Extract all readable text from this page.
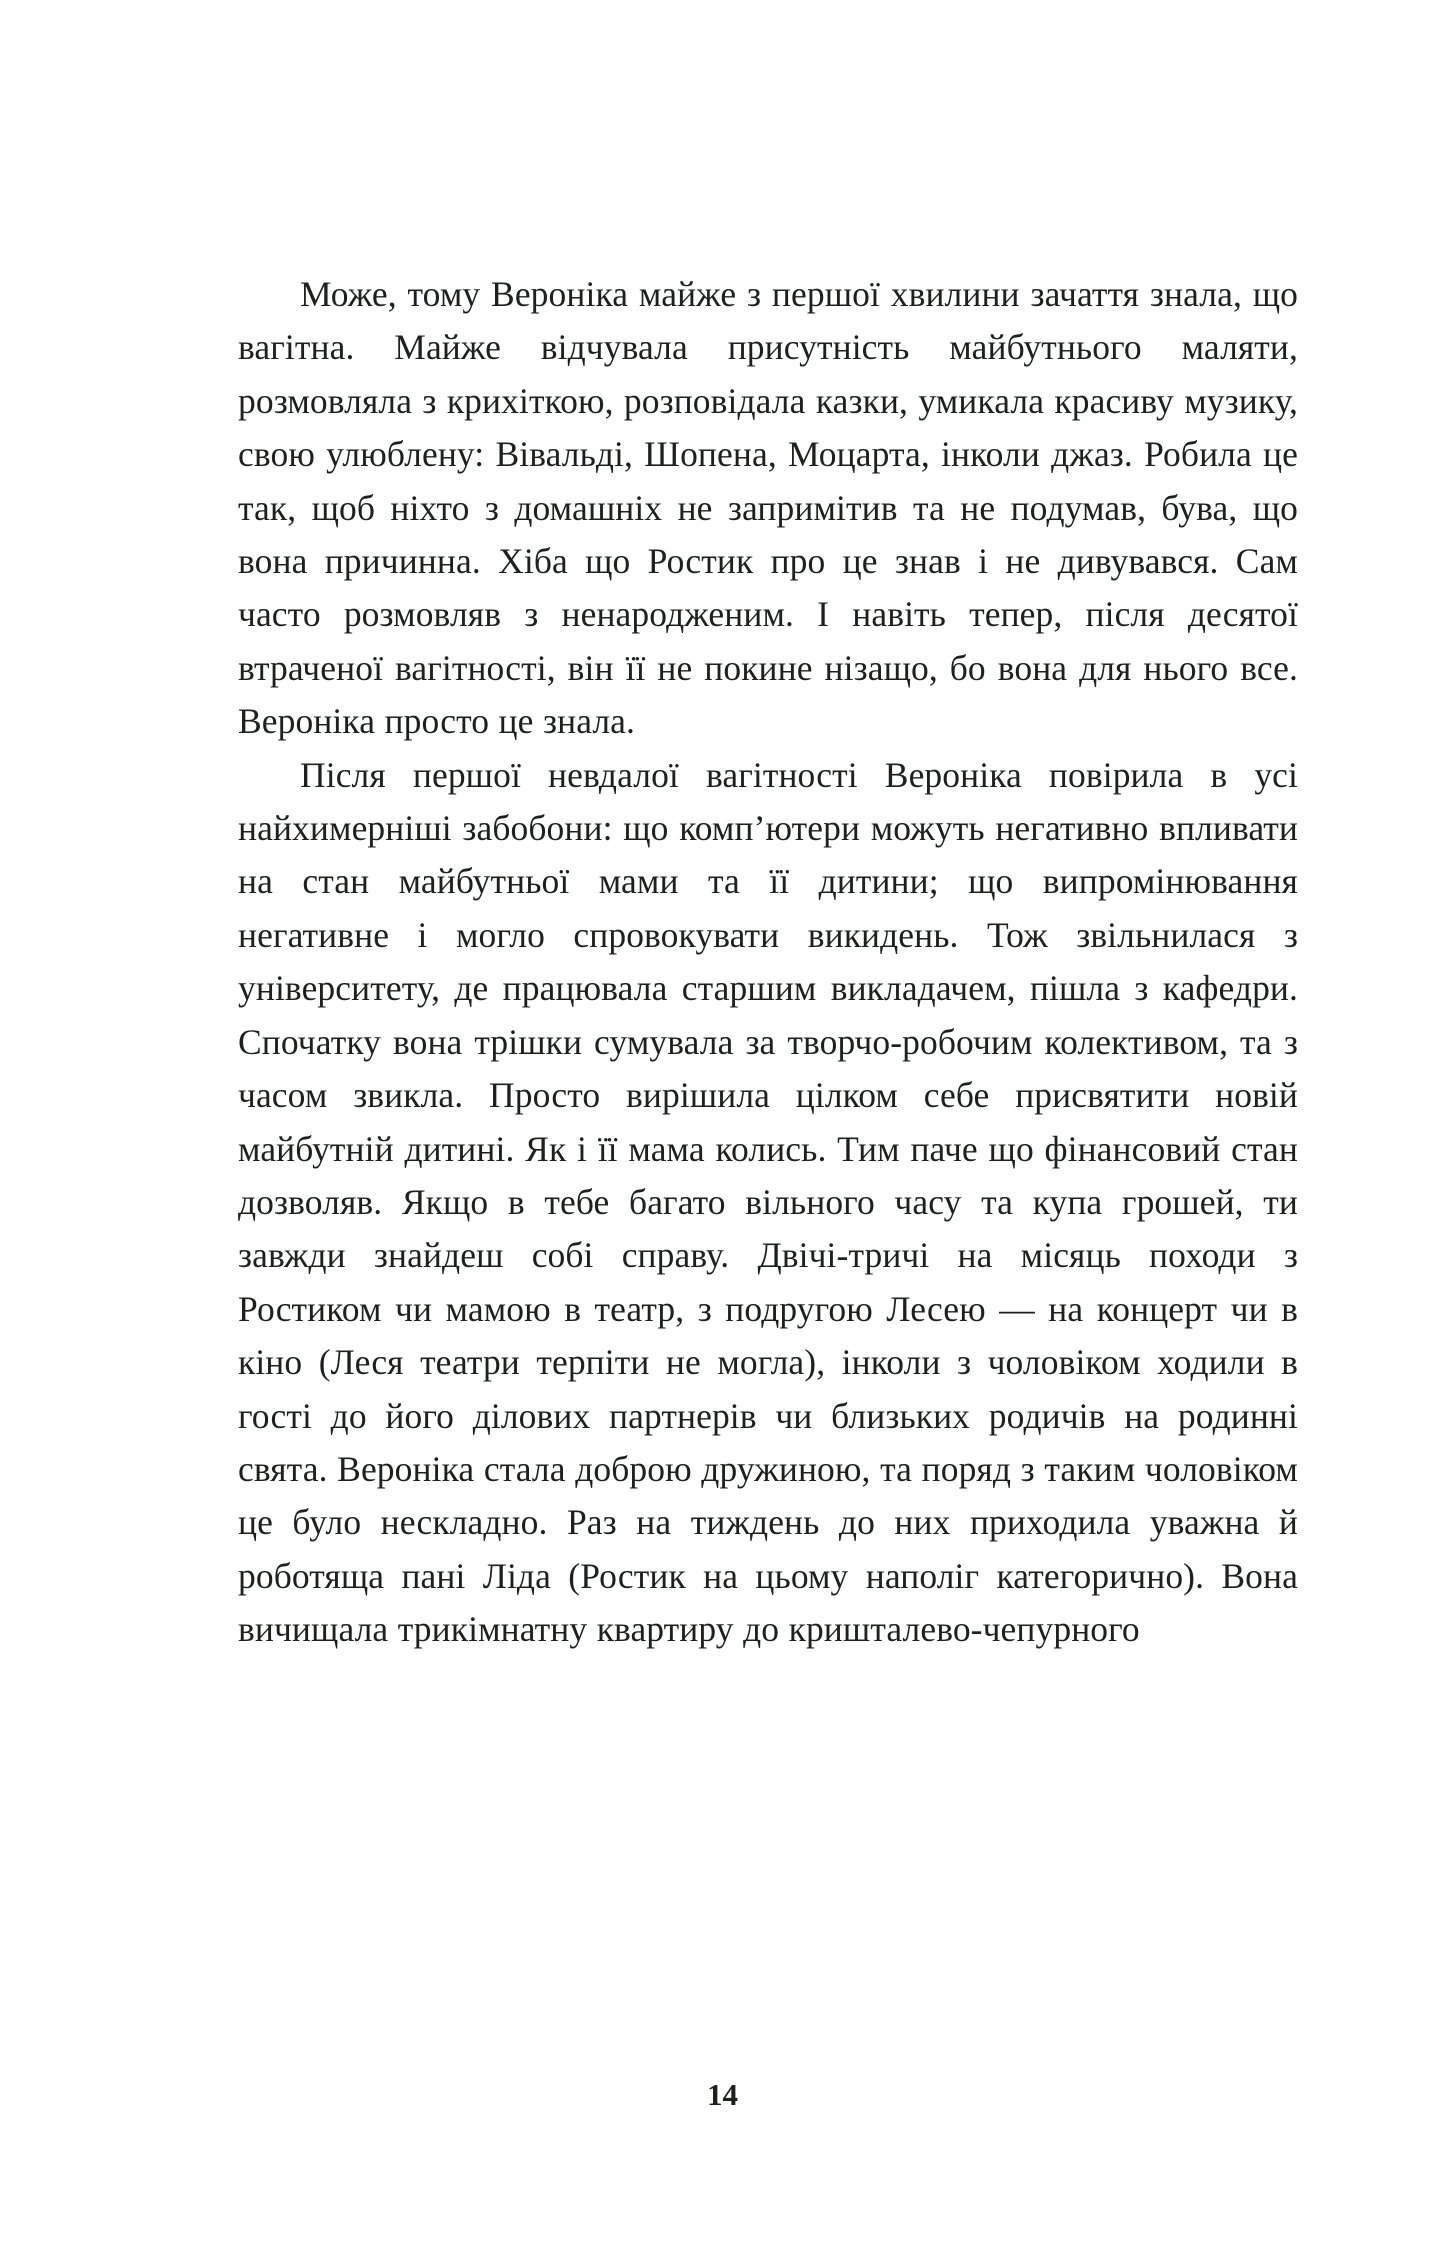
Може, тому Вероніка майже з першої хвилини зачаття знала, що вагітна. Майже відчувала присутність майбутнього маляти, розмовляла з крихіткою, розповідала казки, умикала красиву музику, свою улюблену: Вівальді, Шопена, Моцарта, інколи джаз. Робила це так, щоб ніхто з домашніх не запримітив та не подумав, бува, що вона причинна. Хіба що Ростик про це знав і не дивувався. Сам часто розмовляв з ненародженим. І навіть тепер, після десятої втраченої вагітності, він її не покине нізащо, бо вона для нього все. Вероніка просто це знала.

Після першої невдалої вагітності Вероніка повірила в усі найхимерніші забобони: що комп’ютери можуть негативно впливати на стан майбутньої мами та її дитини; що випромінювання негативне і могло спровокувати викидень. Тож звільнилася з університету, де працювала старшим викладачем, пішла з кафедри. Спочатку вона трішки сумувала за творчо-робочим колективом, та з часом звикла. Просто вирішила цілком себе присвятити новій майбутній дитині. Як і її мама колись. Тим паче що фінансовий стан дозволяв. Якщо в тебе багато вільного часу та купа грошей, ти завжди знайдеш собі справу. Двічі-тричі на місяць походи з Ростиком чи мамою в театр, з подругою Лесею — на концерт чи в кіно (Леся театри терпіти не могла), інколи з чоловіком ходили в гості до його ділових партнерів чи близьких родичів на родинні свята. Вероніка стала доброю дружиною, та поряд з таким чоловіком це було нескладно. Раз на тиждень до них приходила уважна й роботяща пані Ліда (Ростик на цьому наполіг категорично). Вона вичищала трикімнатну квартиру до кришталево-чепурного

14
